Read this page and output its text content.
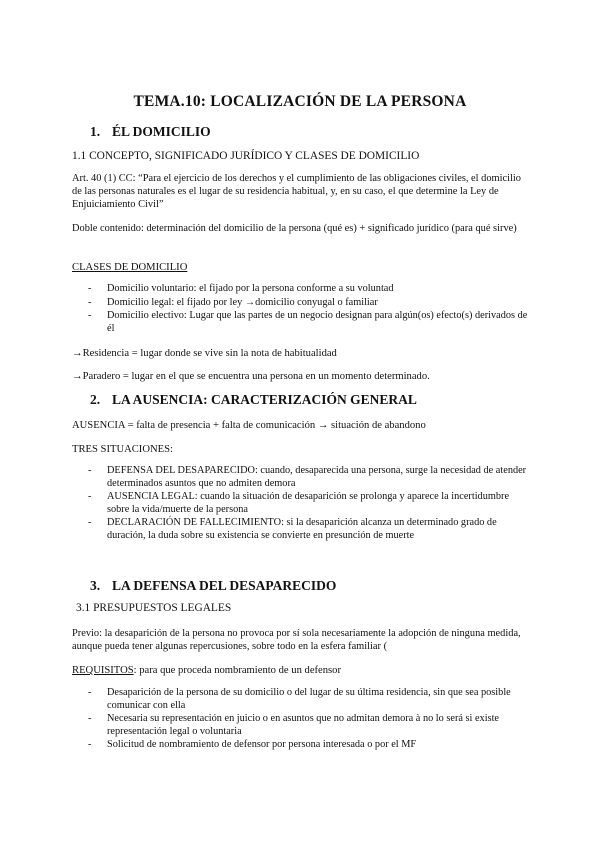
TEMA.10: LOCALIZACIÓN DE LA PERSONA
1. ÉL DOMICILIO
1.1 CONCEPTO, SIGNIFICADO JURÍDICO Y CLASES DE DOMICILIO
Art. 40 (1) CC: “Para el ejercicio de los derechos y el cumplimiento de las obligaciones civiles, el domicilio de las personas naturales es el lugar de su residencia habitual, y, en su caso, el que determine la Ley de Enjuiciamiento Civil”
Doble contenido: determinación del domicilio de la persona (qué es) + significado jurídico (para qué sirve)
CLASES DE DOMICILIO
- Domicilio voluntario: el fijado por la persona conforme a su voluntad
- Domicilio legal: el fijado por ley →domicilio conyugal o familiar
- Domicilio electivo: Lugar que las partes de un negocio designan para algún(os) efecto(s) derivados de él
→Residencia = lugar donde se vive sin la nota de habitualidad
→Paradero = lugar en el que se encuentra una persona en un momento determinado.
2. LA AUSENCIA: CARACTERIZACIÓN GENERAL
AUSENCIA = falta de presencia + falta de comunicación → situación de abandono
TRES SITUACIONES:
- DEFENSA DEL DESAPARECIDO: cuando, desaparecida una persona, surge la necesidad de atender determinados asuntos que no admiten demora
- AUSENCIA LEGAL: cuando la situación de desaparición se prolonga y aparece la incertidumbre sobre la vida/muerte de la persona
- DECLARACIÓN DE FALLECIMIENTO: si la desaparición alcanza un determinado grado de duración, la duda sobre su existencia se convierte en presunción de muerte
3. LA DEFENSA DEL DESAPARECIDO
3.1 PRESUPUESTOS LEGALES
Previo: la desaparición de la persona no provoca por sí sola necesariamente la adopción de ninguna medida, aunque pueda tener algunas repercusiones, sobre todo en la esfera familiar (
REQUISITOS: para que proceda nombramiento de un defensor
- Desaparición de la persona de su domicilio o del lugar de su última residencia, sin que sea posible comunicar con ella
- Necesaria su representación en juicio o en asuntos que no admitan demora à no lo será si existe representación legal o voluntaria
- Solicitud de nombramiento de defensor por persona interesada o por el MF
